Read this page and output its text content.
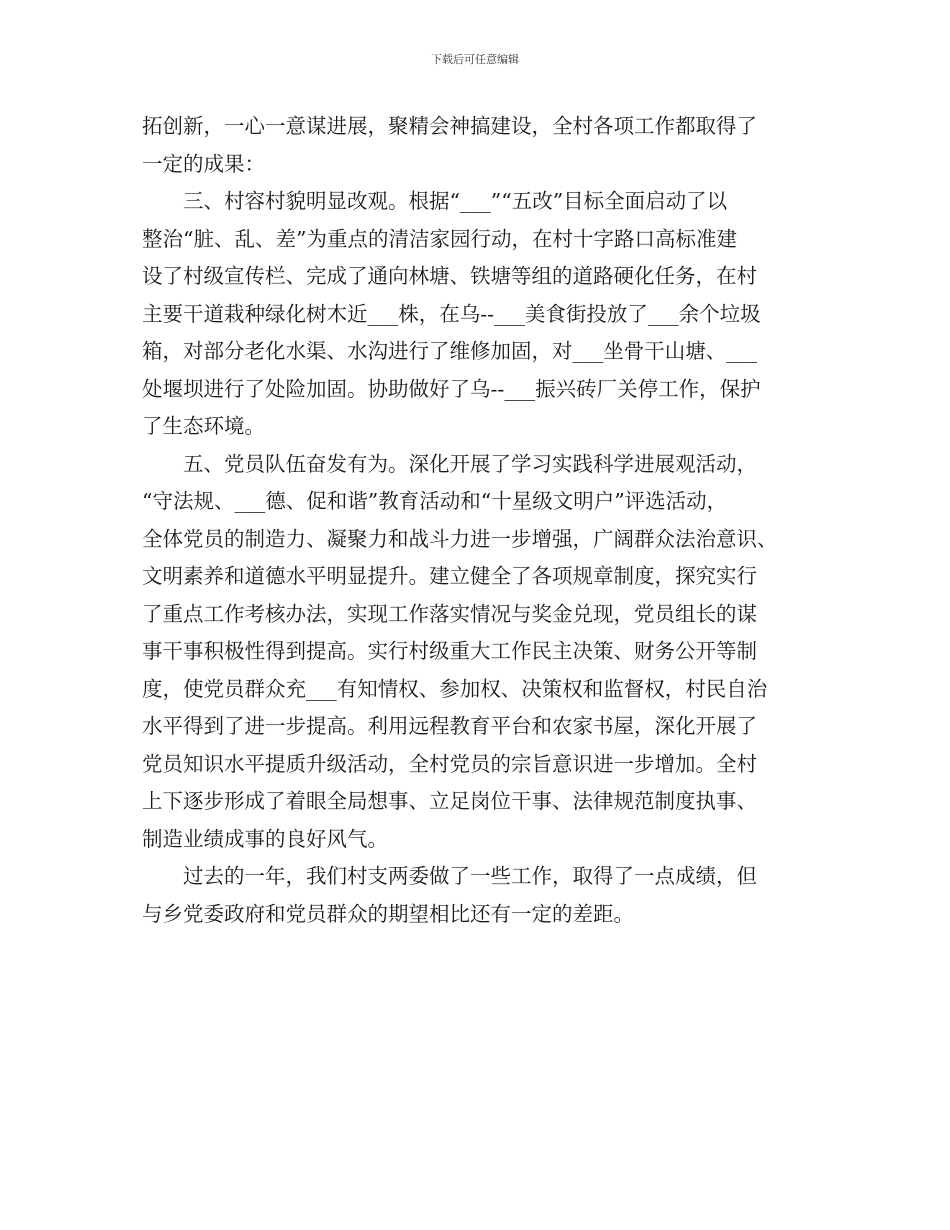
下载后可任意编辑
拓创新，一心一意谋进展，聚精会神搞建设，全村各项工作都取得了
一定的成果：
　　三、村容村貌明显改观。根据“___”“五改”目标全面启动了以
整治“脏、乱、差”为重点的清洁家园行动，在村十字路口高标准建
设了村级宣传栏、完成了通向林塘、铁塘等组的道路硬化任务，在村
主要干道栽种绿化树木近___株，在乌--___美食街投放了___余个垃圾
箱，对部分老化水渠、水沟进行了维修加固，对___坐骨干山塘、___
处堰坝进行了处险加固。协助做好了乌--___振兴砖厂关停工作，保护
了生态环境。
　　五、党员队伍奋发有为。深化开展了学习实践科学进展观活动，
“守法规、___德、促和谐”教育活动和“十星级文明户”评选活动，
全体党员的制造力、凝聚力和战斗力进一步增强，广阔群众法治意识、
文明素养和道德水平明显提升。建立健全了各项规章制度，探究实行
了重点工作考核办法，实现工作落实情况与奖金兑现，党员组长的谋
事干事积极性得到提高。实行村级重大工作民主决策、财务公开等制
度，使党员群众充___有知情权、参加权、决策权和监督权，村民自治
水平得到了进一步提高。利用远程教育平台和农家书屋，深化开展了
党员知识水平提质升级活动，全村党员的宗旨意识进一步增加。全村
上下逐步形成了着眼全局想事、立足岗位干事、法律规范制度执事、
制造业绩成事的良好风气。
　　过去的一年，我们村支两委做了一些工作，取得了一点成绩，但
与乡党委政府和党员群众的期望相比还有一定的差距。
